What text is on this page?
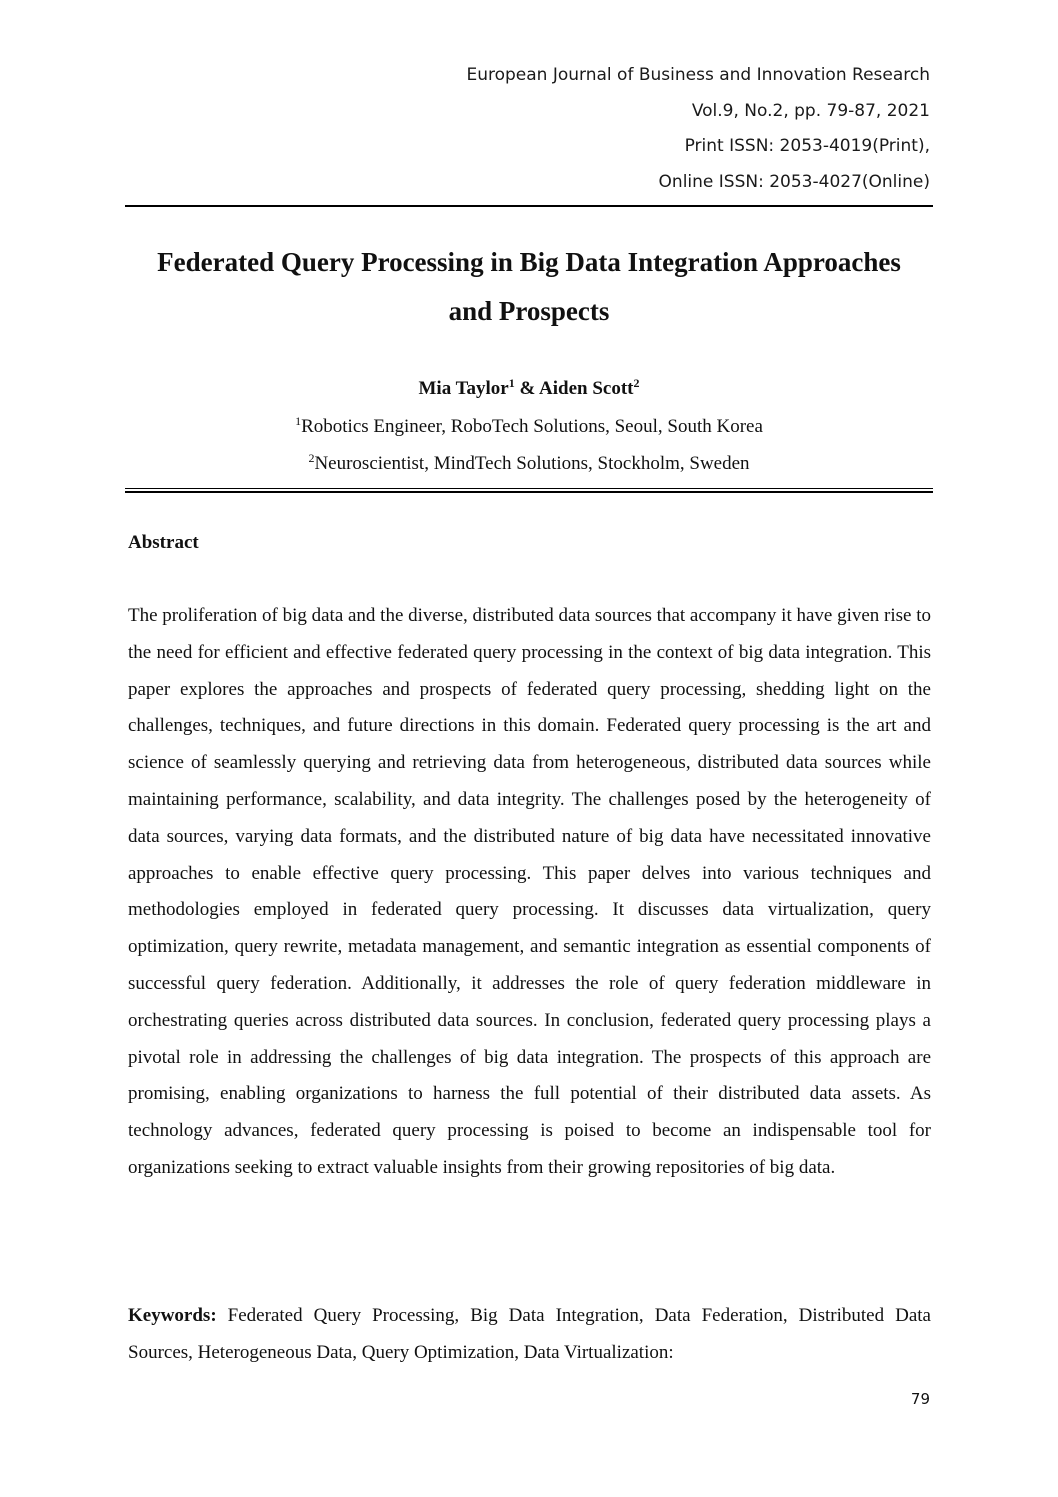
European Journal of Business and Innovation Research
Vol.9, No.2, pp. 79-87, 2021
Print ISSN: 2053-4019(Print),
Online ISSN: 2053-4027(Online)
Federated Query Processing in Big Data Integration Approaches
and Prospects
Mia Taylor$^1$ & Aiden Scott$^2$
$^1$Robotics Engineer, RoboTech Solutions, Seoul, South Korea
$^2$Neuroscientist, MindTech Solutions, Stockholm, Sweden
Abstract

The proliferation of big data and the diverse, distributed data sources that accompany it have given rise to the need for efficient and effective federated query processing in the context of big data integration. This paper explores the approaches and prospects of federated query processing, shedding light on the challenges, techniques, and future directions in this domain. Federated query processing is the art and science of seamlessly querying and retrieving data from heterogeneous, distributed data sources while maintaining performance, scalability, and data integrity. The challenges posed by the heterogeneity of data sources, varying data formats, and the distributed nature of big data have necessitated innovative approaches to enable effective query processing. This paper delves into various techniques and methodologies employed in federated query processing. It discusses data virtualization, query optimization, query rewrite, metadata management, and semantic integration as essential components of successful query federation. Additionally, it addresses the role of query federation middleware in orchestrating queries across distributed data sources. In conclusion, federated query processing plays a pivotal role in addressing the challenges of big data integration. The prospects of this approach are promising, enabling organizations to harness the full potential of their distributed data assets. As technology advances, federated query processing is poised to become an indispensable tool for organizations seeking to extract valuable insights from their growing repositories of big data.

Keywords: Federated Query Processing, Big Data Integration, Data Federation, Distributed Data Sources, Heterogeneous Data, Query Optimization, Data Virtualization:

79
